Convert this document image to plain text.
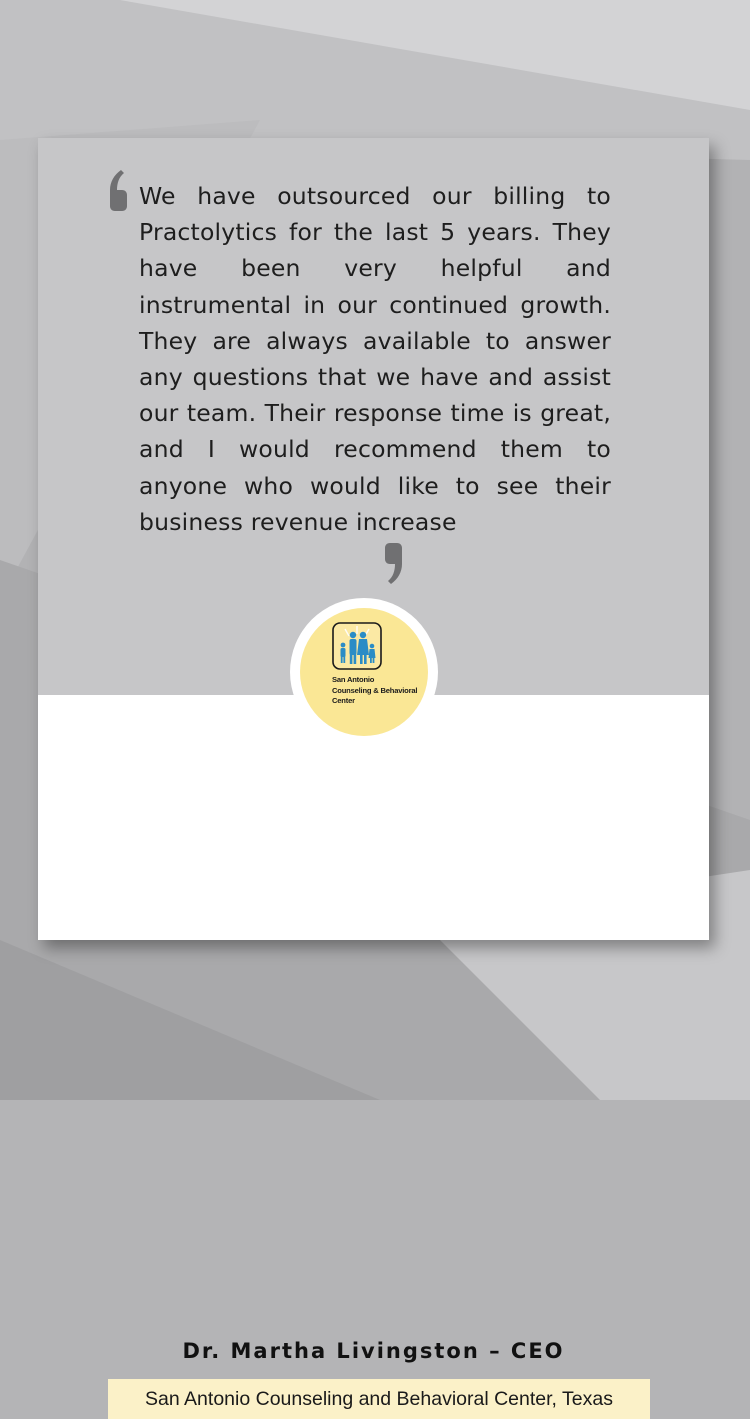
We have outsourced our billing to Practolytics for the last 5 years. They have been very helpful and instrumental in our continued growth. They are always available to answer any questions that we have and assist our team. Their response time is great, and I would recommend them to anyone who would like to see their business revenue increase

Dr. Martha Livingston – CEO
San Antonio Counseling and Behavioral Center, Texas
San Antonio
Counseling & Behavioral
Center
